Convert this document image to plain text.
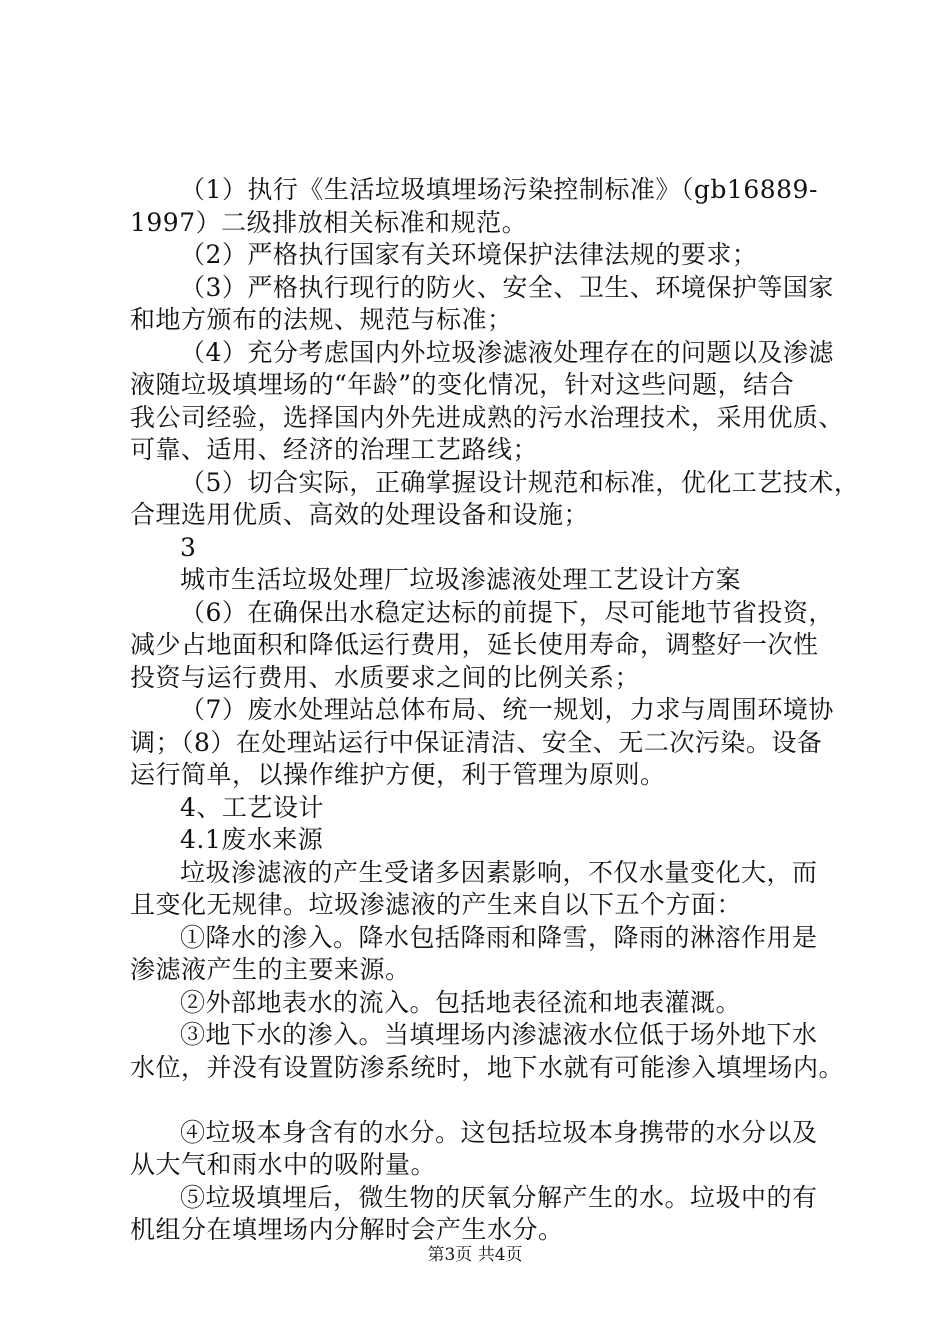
（1）执行《生活垃圾填埋场污染控制标准》（gb16889-
1997）二级排放相关标准和规范。
（2）严格执行国家有关环境保护法律法规的要求；
（3）严格执行现行的防火、安全、卫生、环境保护等国家
和地方颁布的法规、规范与标准；
（4）充分考虑国内外垃圾渗滤液处理存在的问题以及渗滤
液随垃圾填埋场的“年龄”的变化情况，针对这些问题，结合
我公司经验，选择国内外先进成熟的污水治理技术，采用优质、
可靠、适用、经济的治理工艺路线；
（5）切合实际，正确掌握设计规范和标准，优化工艺技术，
合理选用优质、高效的处理设备和设施；
3
城市生活垃圾处理厂垃圾渗滤液处理工艺设计方案
（6）在确保出水稳定达标的前提下，尽可能地节省投资，
减少占地面积和降低运行费用，延长使用寿命，调整好一次性
投资与运行费用、水质要求之间的比例关系；
（7）废水处理站总体布局、统一规划，力求与周围环境协
调；（8）在处理站运行中保证清洁、安全、无二次污染。设备
运行简单，以操作维护方便，利于管理为原则。
4、工艺设计
4.1废水来源
垃圾渗滤液的产生受诸多因素影响，不仅水量变化大，而
且变化无规律。垃圾渗滤液的产生来自以下五个方面：
①降水的渗入。降水包括降雨和降雪，降雨的淋溶作用是
渗滤液产生的主要来源。
②外部地表水的流入。包括地表径流和地表灌溉。
③地下水的渗入。当填埋场内渗滤液水位低于场外地下水
水位，并没有设置防渗系统时，地下水就有可能渗入填埋场内。
④垃圾本身含有的水分。这包括垃圾本身携带的水分以及
从大气和雨水中的吸附量。
⑤垃圾填埋后，微生物的厌氧分解产生的水。垃圾中的有
机组分在填埋场内分解时会产生水分。
第3页 共4页
